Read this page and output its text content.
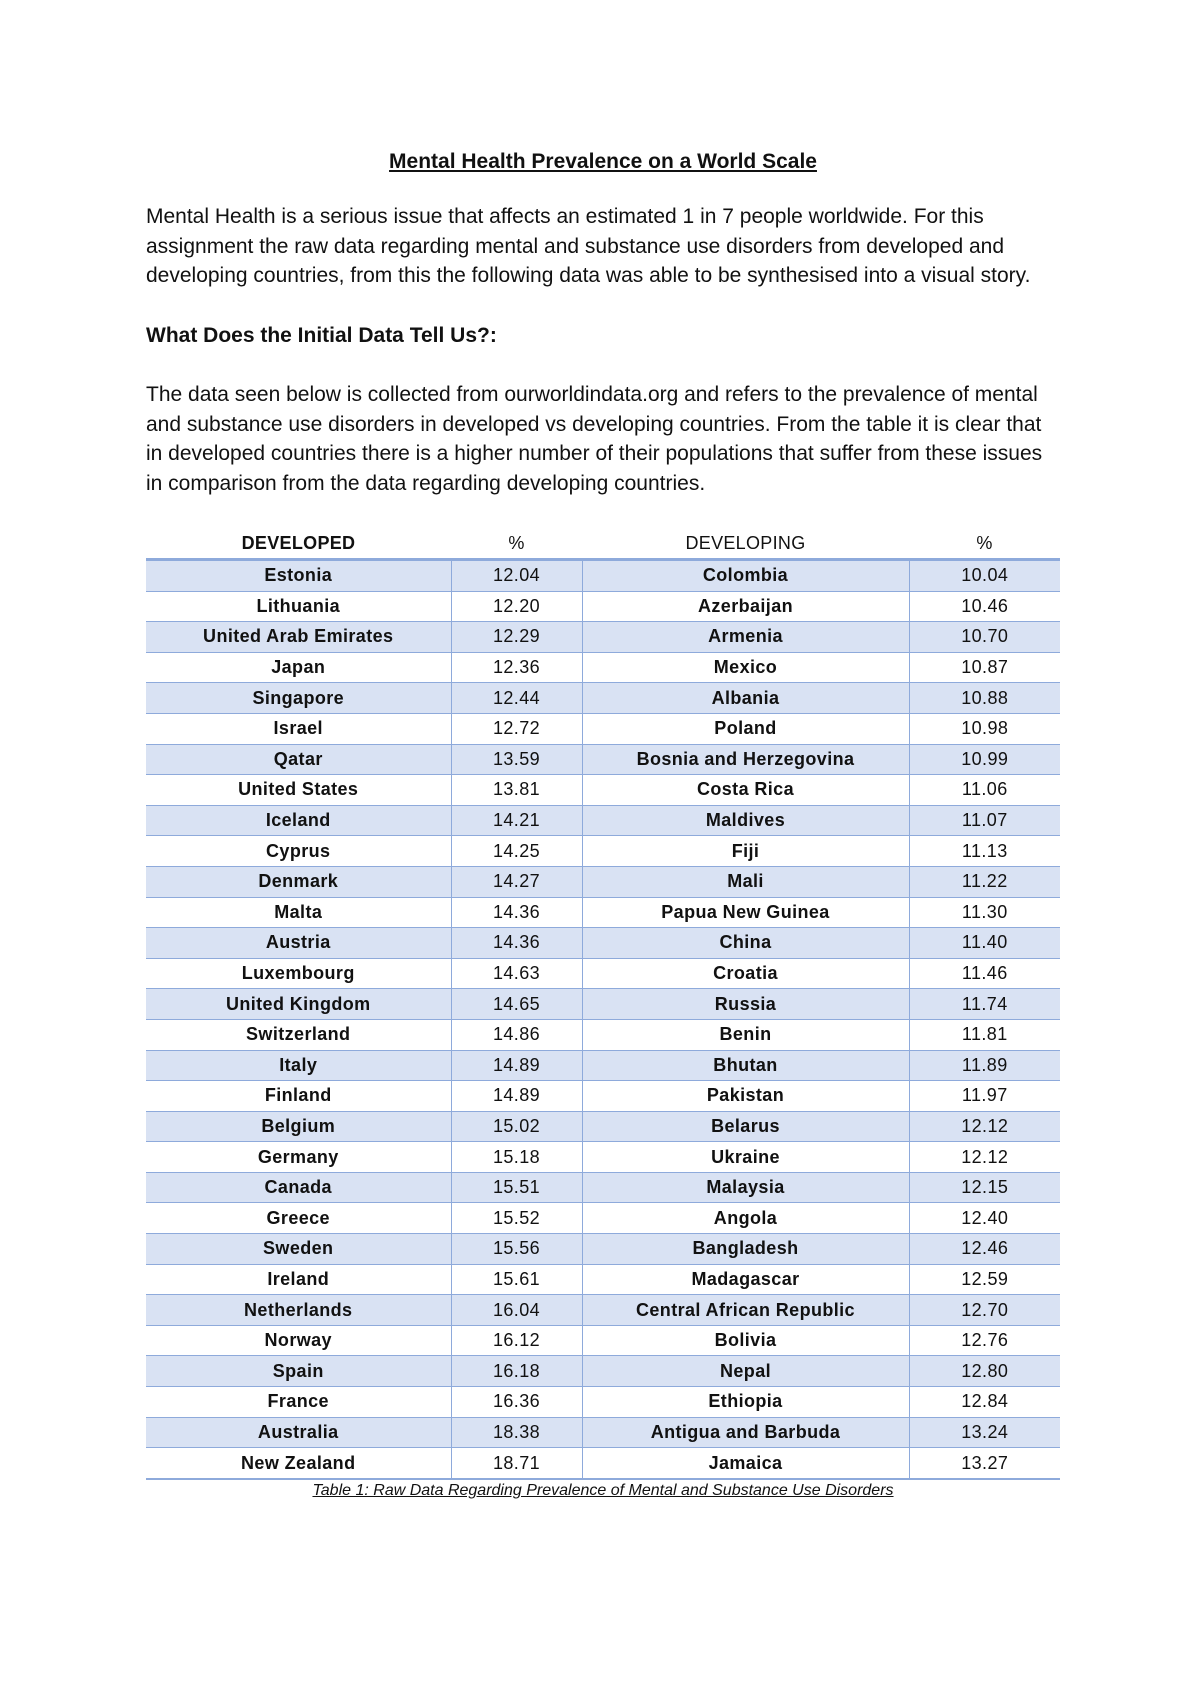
Mental Health Prevalence on a World Scale

Mental Health is a serious issue that affects an estimated 1 in 7 people worldwide. For this assignment the raw data regarding mental and substance use disorders from developed and developing countries, from this the following data was able to be synthesised into a visual story.

What Does the Initial Data Tell Us?:

The data seen below is collected from ourworldindata.org and refers to the prevalence of mental and substance use disorders in developed vs developing countries. From the table it is clear that in developed countries there is a higher number of their populations that suffer from these issues in comparison from the data regarding developing countries.

DEVELOPED	%	DEVELOPING	%
Estonia	12.04	Colombia	10.04
Lithuania	12.20	Azerbaijan	10.46
United Arab Emirates	12.29	Armenia	10.70
Japan	12.36	Mexico	10.87
Singapore	12.44	Albania	10.88
Israel	12.72	Poland	10.98
Qatar	13.59	Bosnia and Herzegovina	10.99
United States	13.81	Costa Rica	11.06
Iceland	14.21	Maldives	11.07
Cyprus	14.25	Fiji	11.13
Denmark	14.27	Mali	11.22
Malta	14.36	Papua New Guinea	11.30
Austria	14.36	China	11.40
Luxembourg	14.63	Croatia	11.46
United Kingdom	14.65	Russia	11.74
Switzerland	14.86	Benin	11.81
Italy	14.89	Bhutan	11.89
Finland	14.89	Pakistan	11.97
Belgium	15.02	Belarus	12.12
Germany	15.18	Ukraine	12.12
Canada	15.51	Malaysia	12.15
Greece	15.52	Angola	12.40
Sweden	15.56	Bangladesh	12.46
Ireland	15.61	Madagascar	12.59
Netherlands	16.04	Central African Republic	12.70
Norway	16.12	Bolivia	12.76
Spain	16.18	Nepal	12.80
France	16.36	Ethiopia	12.84
Australia	18.38	Antigua and Barbuda	13.24
New Zealand	18.71	Jamaica	13.27
Table 1: Raw Data Regarding Prevalence of Mental and Substance Use Disorders
